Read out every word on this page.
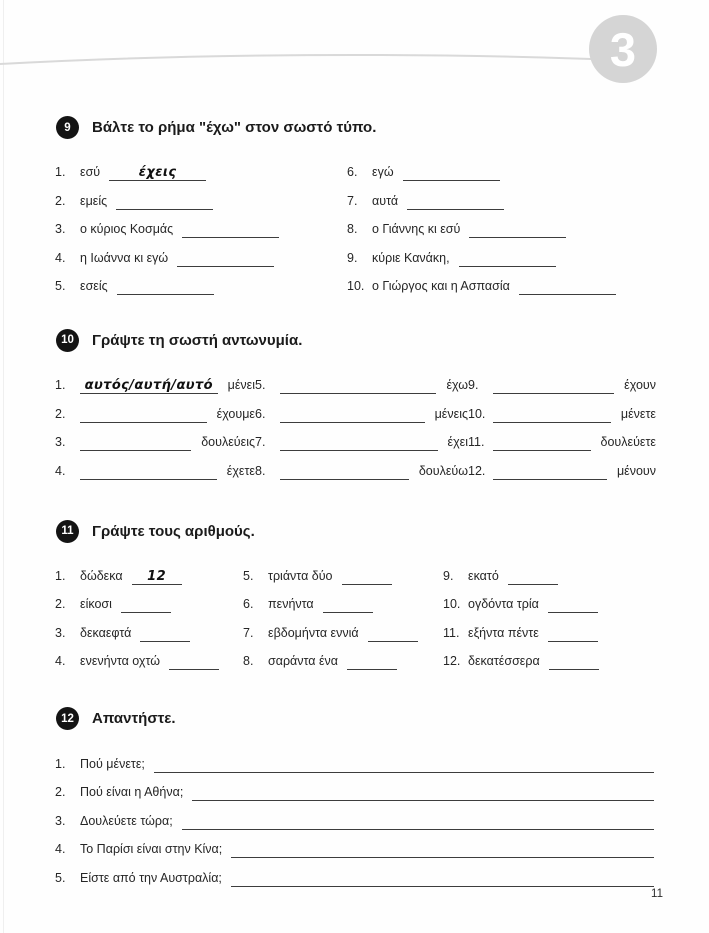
3
9	Βάλτε το ρήμα "έχω" στον σωστό τύπο.
1.	εσύ	έχεις
2.	εμείς
3.	ο κύριος Κοσμάς
4.	η Ιωάννα κι εγώ
5.	εσείς
6.	εγώ
7.	αυτά
8.	ο Γιάννης κι εσύ
9.	κύριε Κανάκη,
10. ο Γιώργος και η Ασπασία
10	Γράψτε τη σωστή αντωνυμία.
1.	αυτός/αυτή/αυτό	μένει
2.	έχουμε
3.	δουλεύεις
4.	έχετε
5.	έχω
6.	μένεις
7.	έχει
8.	δουλεύω
9.	έχουν
10.	μένετε
11.	δουλεύετε
12.	μένουν
11	Γράψτε τους αριθμούς.
1.	δώδεκα	12
2.	είκοσι
3.	δεκαεφτά
4.	ενενήντα οχτώ
5.	τριάντα δύο
6.	πενήντα
7.	εβδομήντα εννιά
8.	σαράντα ένα
9.	εκατό
10. ογδόντα τρία
11. εξήντα πέντε
12. δεκατέσσερα
12	Απαντήστε.
1.	Πού μένετε;
2.	Πού είναι η Αθήνα;
3.	Δουλεύετε τώρα;
4.	Το Παρίσι είναι στην Κίνα;
5.	Είστε από την Αυστραλία;
11
